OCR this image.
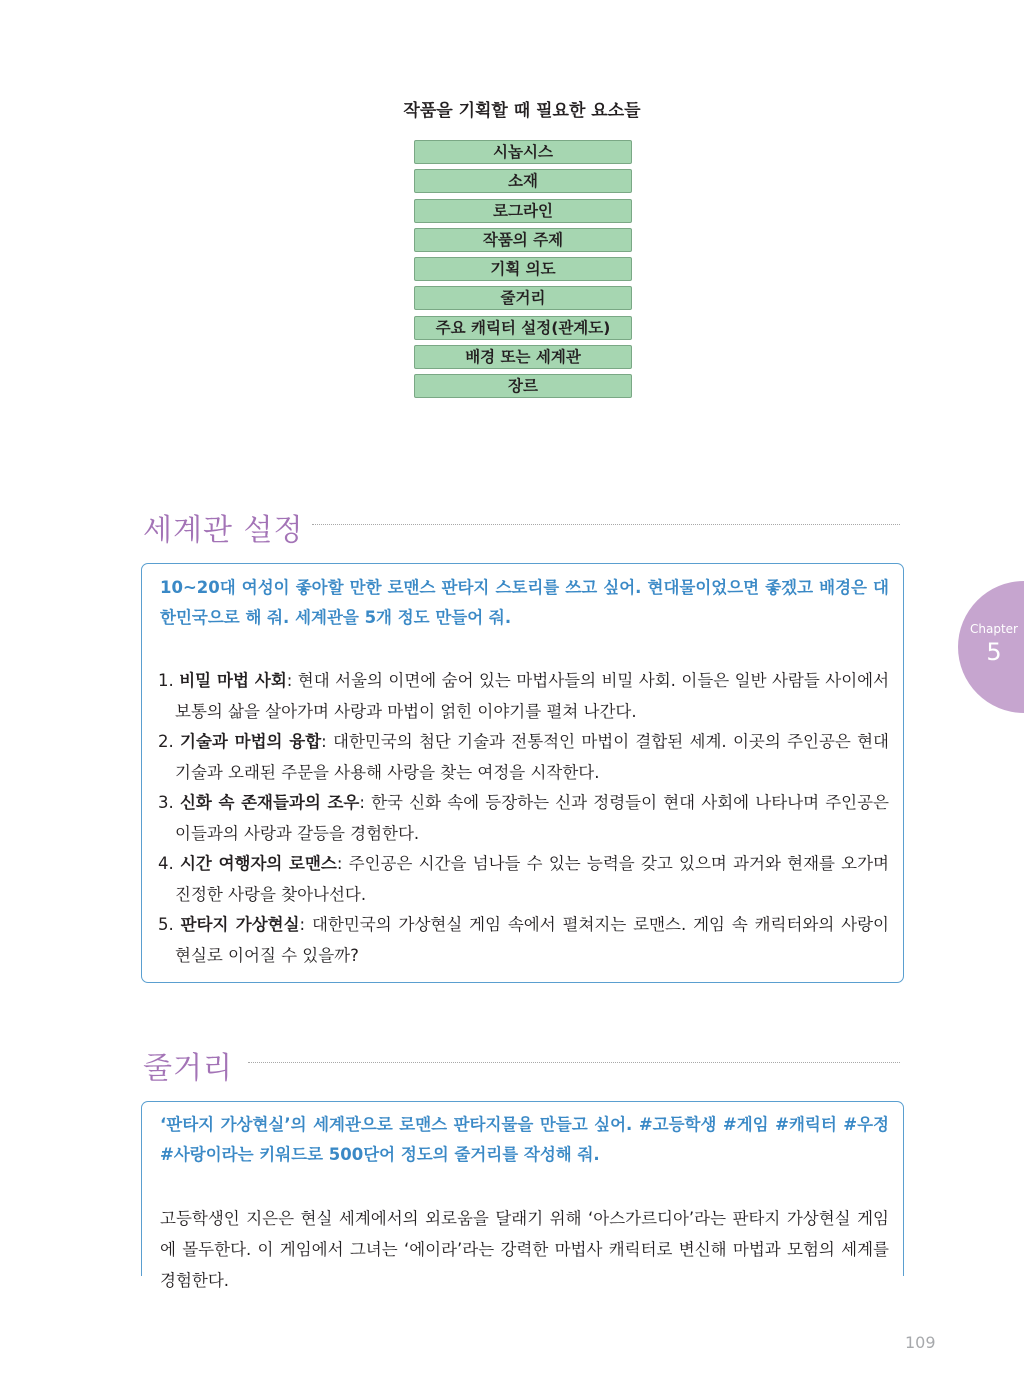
작품을 기획할 때 필요한 요소들
시놉시스
소재
로그라인
작품의 주제
기획 의도
줄거리
주요 캐릭터 설정(관계도)
배경 또는 세계관
장르
세계관 설정

10~20대 여성이 좋아할 만한 로맨스 판타지 스토리를 쓰고 싶어. 현대물이었으면 좋겠고 배경은 대한민국으로 해 줘. 세계관을 5개 정도 만들어 줘.

1. 비밀 마법 사회: 현대 서울의 이면에 숨어 있는 마법사들의 비밀 사회. 이들은 일반 사람들 사이에서 보통의 삶을 살아가며 사랑과 마법이 얽힌 이야기를 펼쳐 나간다.
2. 기술과 마법의 융합: 대한민국의 첨단 기술과 전통적인 마법이 결합된 세계. 이곳의 주인공은 현대 기술과 오래된 주문을 사용해 사랑을 찾는 여정을 시작한다.
3. 신화 속 존재들과의 조우: 한국 신화 속에 등장하는 신과 정령들이 현대 사회에 나타나며 주인공은 이들과의 사랑과 갈등을 경험한다.
4. 시간 여행자의 로맨스: 주인공은 시간을 넘나들 수 있는 능력을 갖고 있으며 과거와 현재를 오가며 진정한 사랑을 찾아나선다.
5. 판타지 가상현실: 대한민국의 가상현실 게임 속에서 펼쳐지는 로맨스. 게임 속 캐릭터와의 사랑이 현실로 이어질 수 있을까?
Chapter
5
줄거리

‘판타지 가상현실’의 세계관으로 로맨스 판타지물을 만들고 싶어. #고등학생 #게임 #캐릭터 #우정 #사랑이라는 키워드로 500단어 정도의 줄거리를 작성해 줘.

고등학생인 지은은 현실 세계에서의 외로움을 달래기 위해 ‘아스가르디아’라는 판타지 가상현실 게임에 몰두한다. 이 게임에서 그녀는 ‘에이라’라는 강력한 마법사 캐릭터로 변신해 마법과 모험의 세계를 경험한다.

109
